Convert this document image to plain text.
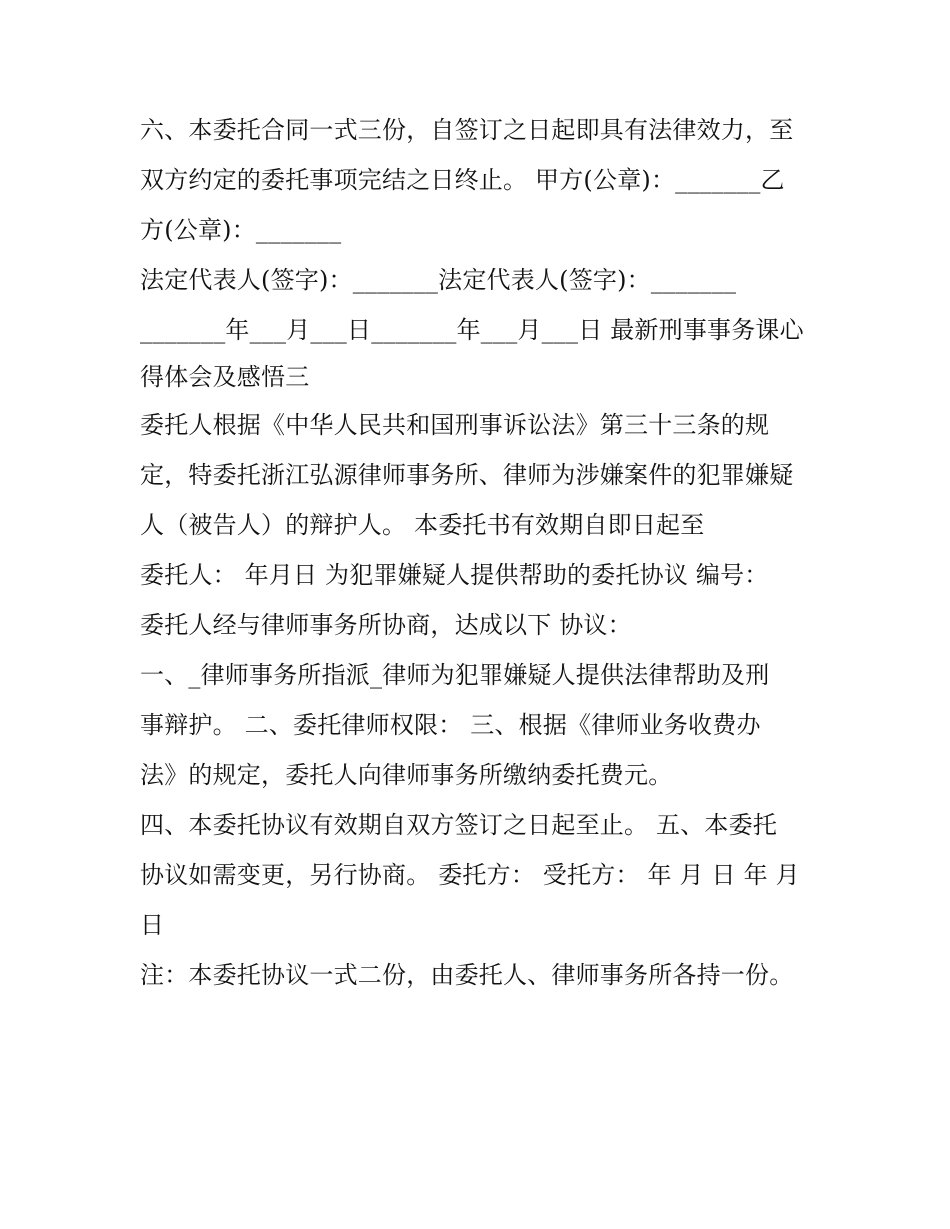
六、本委托合同一式三份，自签订之日起即具有法律效力，至
双方约定的委托事项完结之日终止。 甲方(公章)：_______乙
方(公章)：_______
法定代表人(签字)：_______法定代表人(签字)：_______
_______年___月___日_______年___月___日 最新刑事事务课心
得体会及感悟三
委托人根据《中华人民共和国刑事诉讼法》第三十三条的规
定，特委托浙江弘源律师事务所、律师为涉嫌案件的犯罪嫌疑
人（被告人）的辩护人。 本委托书有效期自即日起至
委托人： 年月日 为犯罪嫌疑人提供帮助的委托协议 编号：
委托人经与律师事务所协商，达成以下 协议：
一、_律师事务所指派_律师为犯罪嫌疑人提供法律帮助及刑
事辩护。 二、委托律师权限： 三、根据《律师业务收费办
法》的规定，委托人向律师事务所缴纳委托费元。
四、本委托协议有效期自双方签订之日起至止。 五、本委托
协议如需变更，另行协商。 委托方： 受托方： 年 月 日 年 月
日
注：本委托协议一式二份，由委托人、律师事务所各持一份。
